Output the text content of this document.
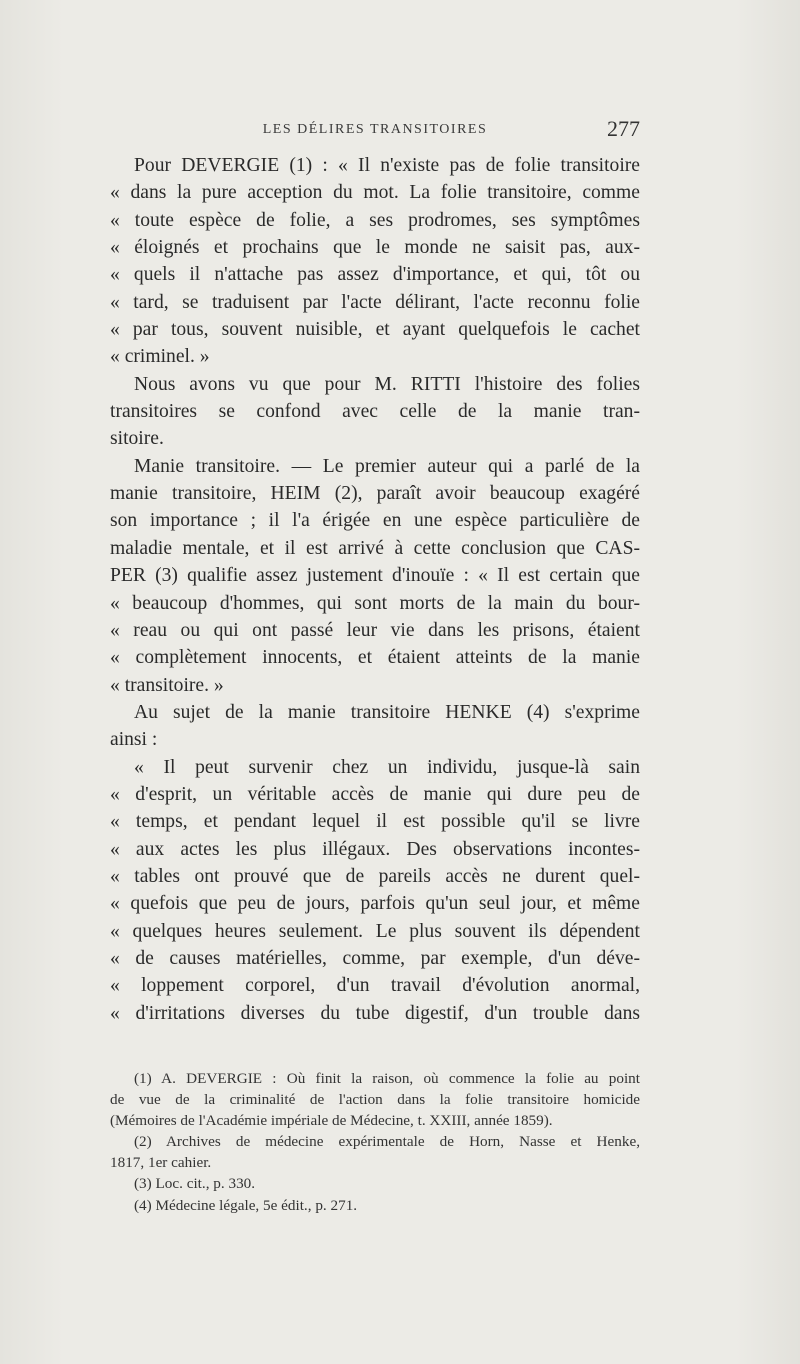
LES DÉLIRES TRANSITOIRES	277
Pour DEVERGIE (1) : « Il n'existe pas de folie transitoire
« dans la pure acception du mot. La folie transitoire, comme
« toute espèce de folie, a ses prodromes, ses symptômes
« éloignés et prochains que le monde ne saisit pas, aux-
« quels il n'attache pas assez d'importance, et qui, tôt ou
« tard, se traduisent par l'acte délirant, l'acte reconnu folie
« par tous, souvent nuisible, et ayant quelquefois le cachet
« criminel. »
Nous avons vu que pour M. RITTI l'histoire des folies
transitoires se confond avec celle de la manie tran-
sitoire.
Manie transitoire. — Le premier auteur qui a parlé de la
manie transitoire, HEIM (2), paraît avoir beaucoup exagéré
son importance ; il l'a érigée en une espèce particulière de
maladie mentale, et il est arrivé à cette conclusion que CAS-
PER (3) qualifie assez justement d'inouïe : « Il est certain que
« beaucoup d'hommes, qui sont morts de la main du bour-
« reau ou qui ont passé leur vie dans les prisons, étaient
« complètement innocents, et étaient atteints de la manie
« transitoire. »
Au sujet de la manie transitoire HENKE (4) s'exprime
ainsi :
« Il peut survenir chez un individu, jusque-là sain
« d'esprit, un véritable accès de manie qui dure peu de
« temps, et pendant lequel il est possible qu'il se livre
« aux actes les plus illégaux. Des observations incontes-
« tables ont prouvé que de pareils accès ne durent quel-
« quefois que peu de jours, parfois qu'un seul jour, et même
« quelques heures seulement. Le plus souvent ils dépendent
« de causes matérielles, comme, par exemple, d'un déve-
« loppement corporel, d'un travail d'évolution anormal,
« d'irritations diverses du tube digestif, d'un trouble dans
(1) A. DEVERGIE : Où finit la raison, où commence la folie au point
de vue de la criminalité de l'action dans la folie transitoire homicide
(Mémoires de l'Académie impériale de Médecine, t. XXIII, année 1859).
(2) Archives de médecine expérimentale de Horn, Nasse et Henke,
1817, 1er cahier.
(3) Loc. cit., p. 330.
(4) Médecine légale, 5e édit., p. 271.
